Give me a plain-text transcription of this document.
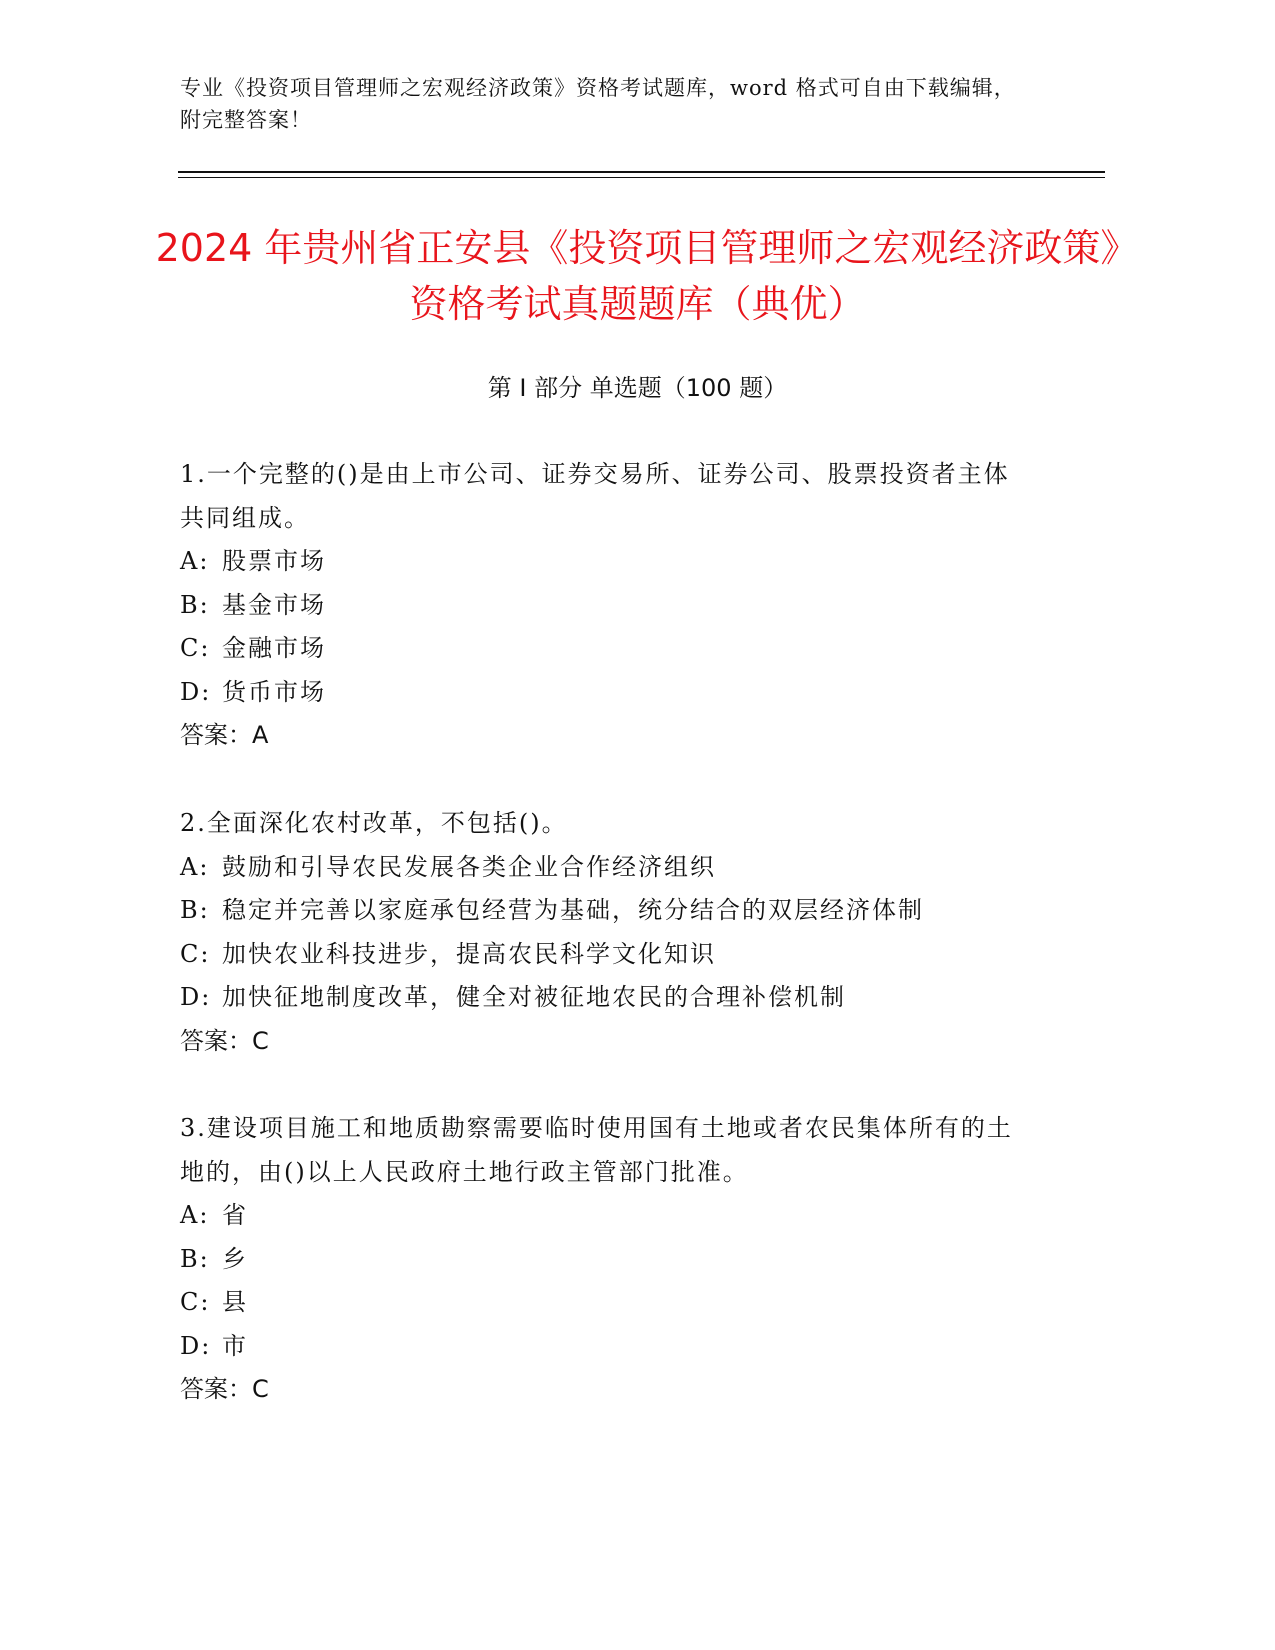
专业《投资项目管理师之宏观经济政策》资格考试题库，word 格式可自由下载编辑，附完整答案！
2024 年贵州省正安县《投资项目管理师之宏观经济政策》资格考试真题题库（典优）
第 I 部分 单选题（100 题）
1.一个完整的()是由上市公司、证券交易所、证券公司、股票投资者主体共同组成。
A: 股票市场
B: 基金市场
C: 金融市场
D: 货币市场
答案：A
2.全面深化农村改革，不包括()。
A: 鼓励和引导农民发展各类企业合作经济组织
B: 稳定并完善以家庭承包经营为基础，统分结合的双层经济体制
C: 加快农业科技进步，提高农民科学文化知识
D: 加快征地制度改革，健全对被征地农民的合理补偿机制
答案：C
3.建设项目施工和地质勘察需要临时使用国有土地或者农民集体所有的土地的，由()以上人民政府土地行政主管部门批准。
A: 省
B: 乡
C: 县
D: 市
答案：C
